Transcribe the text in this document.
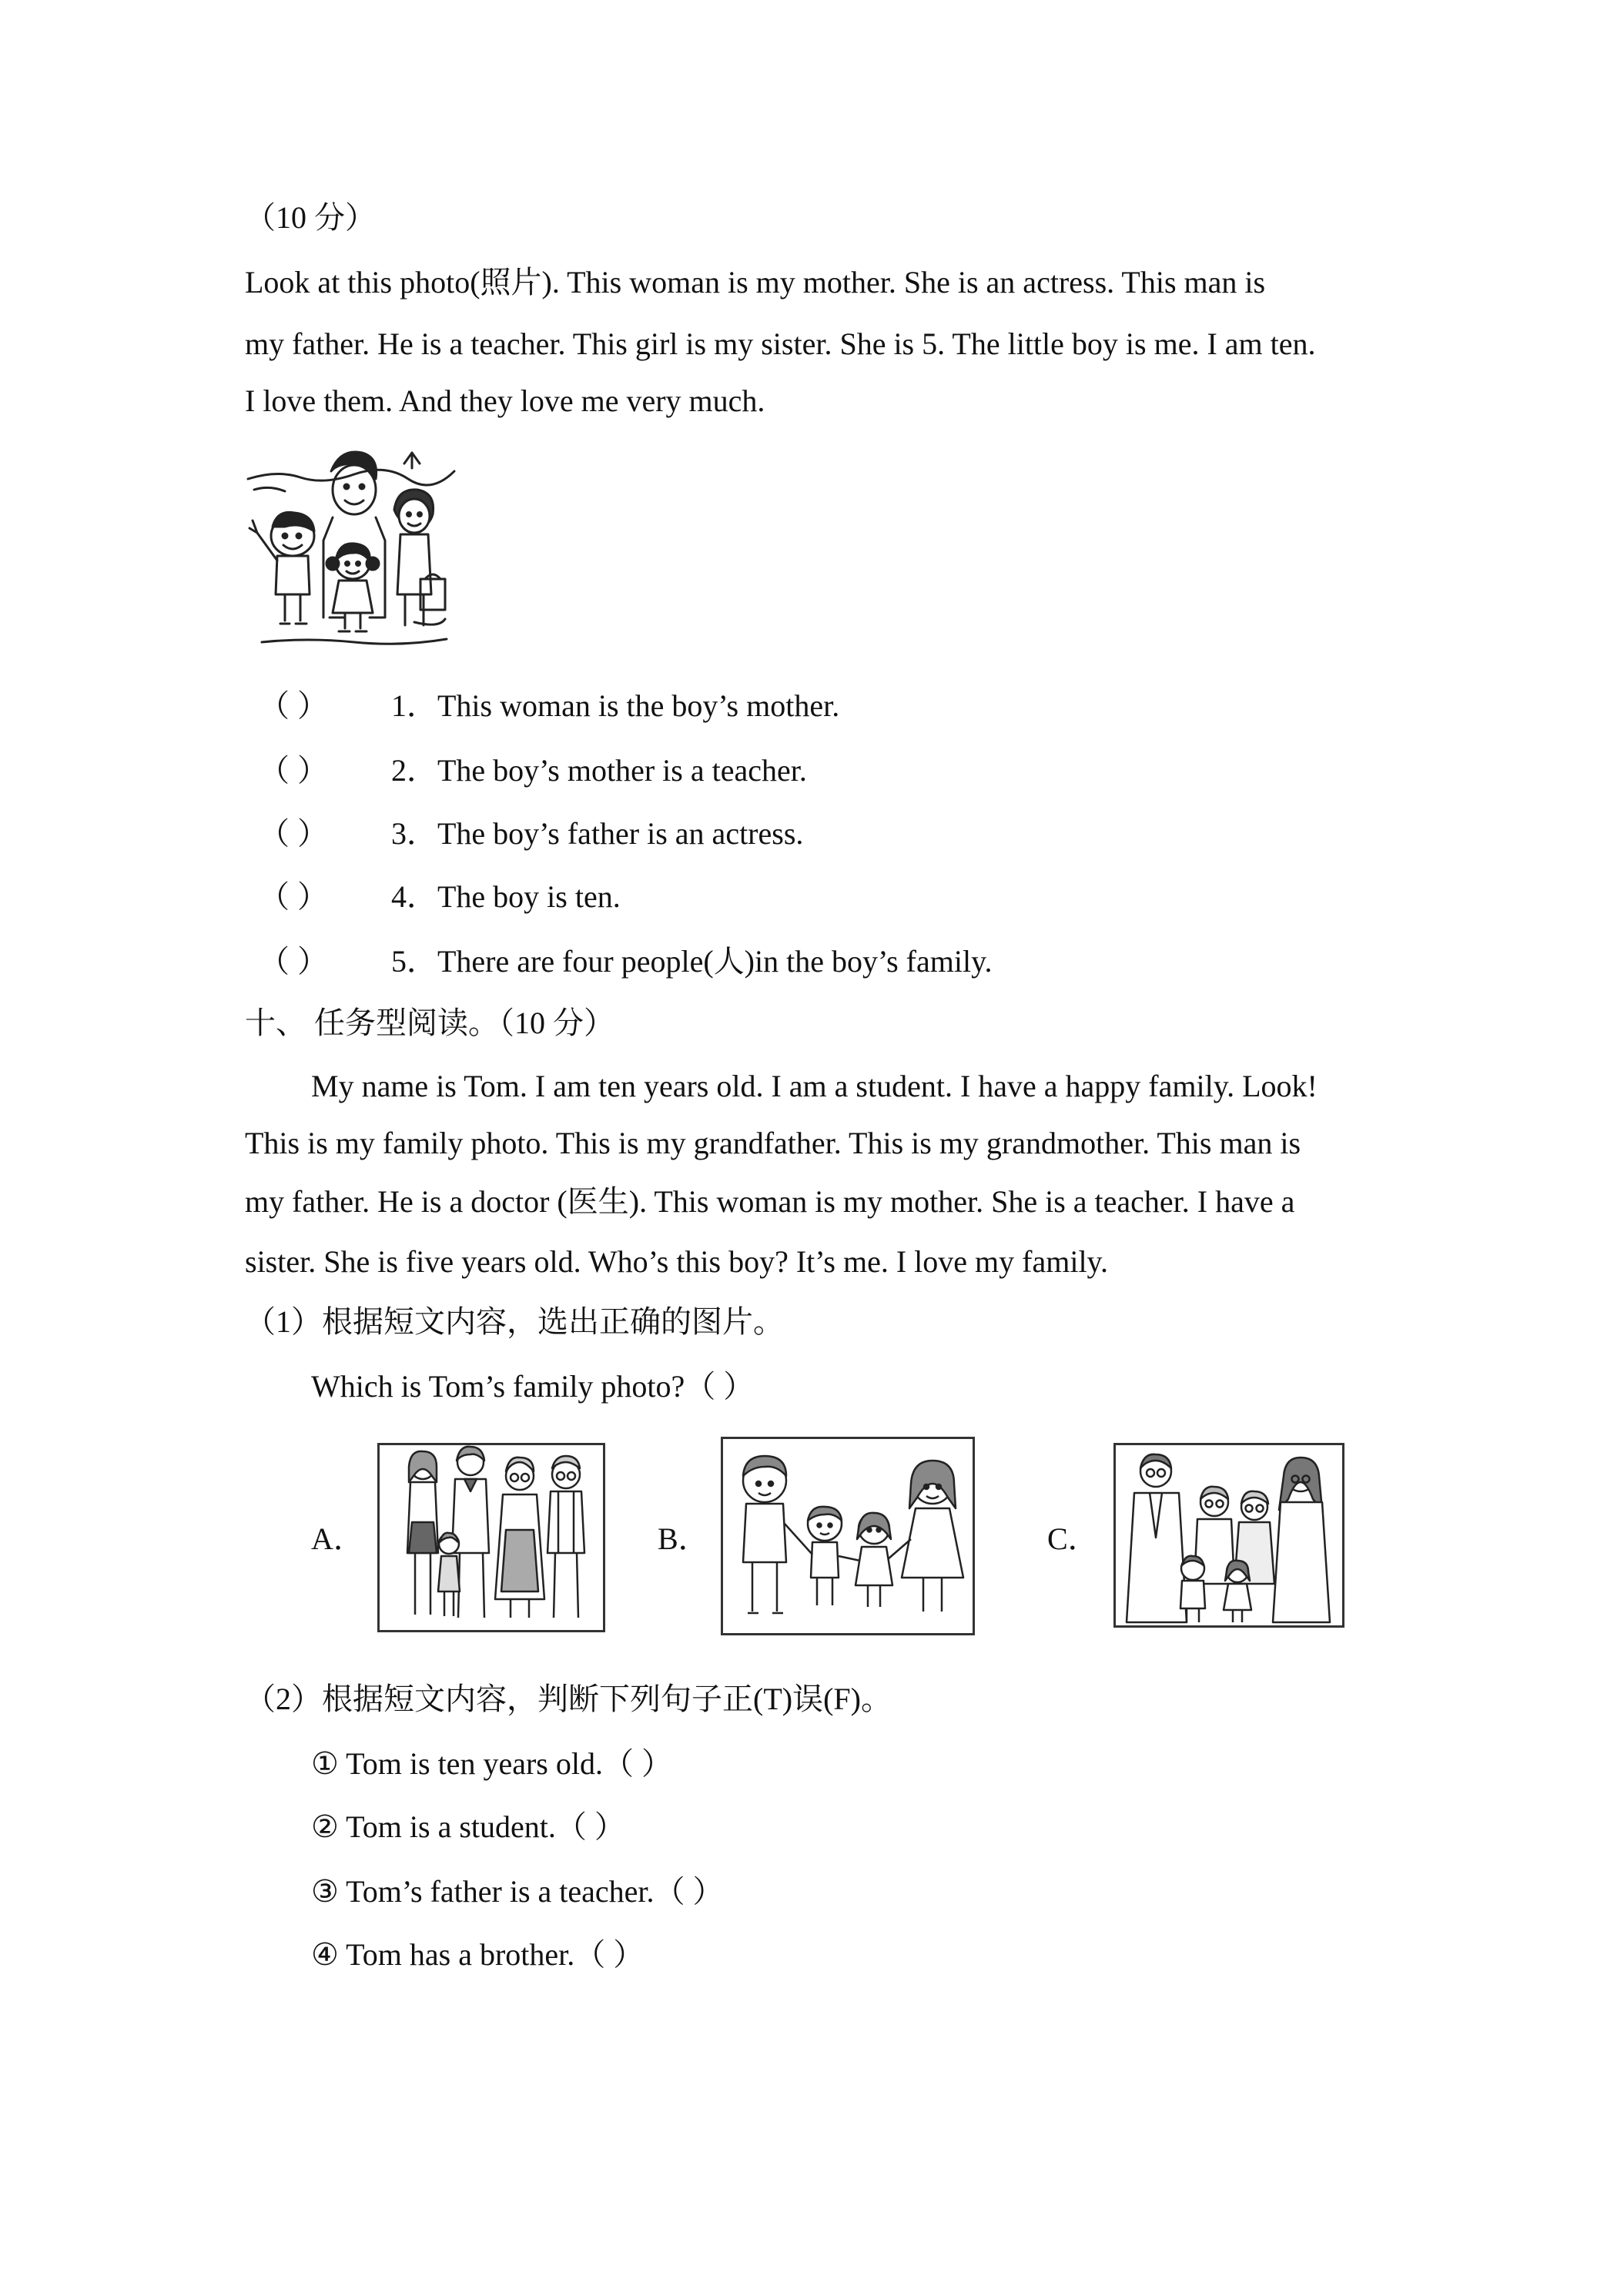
（10 分）
Look at this photo(照片). This woman is my mother. She is an actress. This man is
my father. He is a teacher. This girl is my sister. She is 5. The little boy is me. I am ten.
I love them. And they love me very much.
（ ） 1．This woman is the boy’s mother.
（ ） 2．The boy’s mother is a teacher.
（ ） 3．The boy’s father is an actress.
（ ） 4．The boy is ten.
（ ） 5．There are four people(人)in the boy’s family.
十、 任务型阅读。（10 分）
My name is Tom. I am ten years old. I am a student. I have a happy family. Look!
This is my family photo. This is my grandfather. This is my grandmother. This man is
my father. He is a doctor (医生). This woman is my mother. She is a teacher. I have a
sister. She is five years old. Who’s this boy? It’s me. I love my family.
（1）根据短文内容，选出正确的图片。
Which is Tom’s family photo?（ ）
A．	B．	C．
（2）根据短文内容，判断下列句子正(T)误(F)。
① Tom is ten years old.（ ）
② Tom is a student.（ ）
③ Tom’s father is a teacher.（ ）
④ Tom has a brother.（ ）
